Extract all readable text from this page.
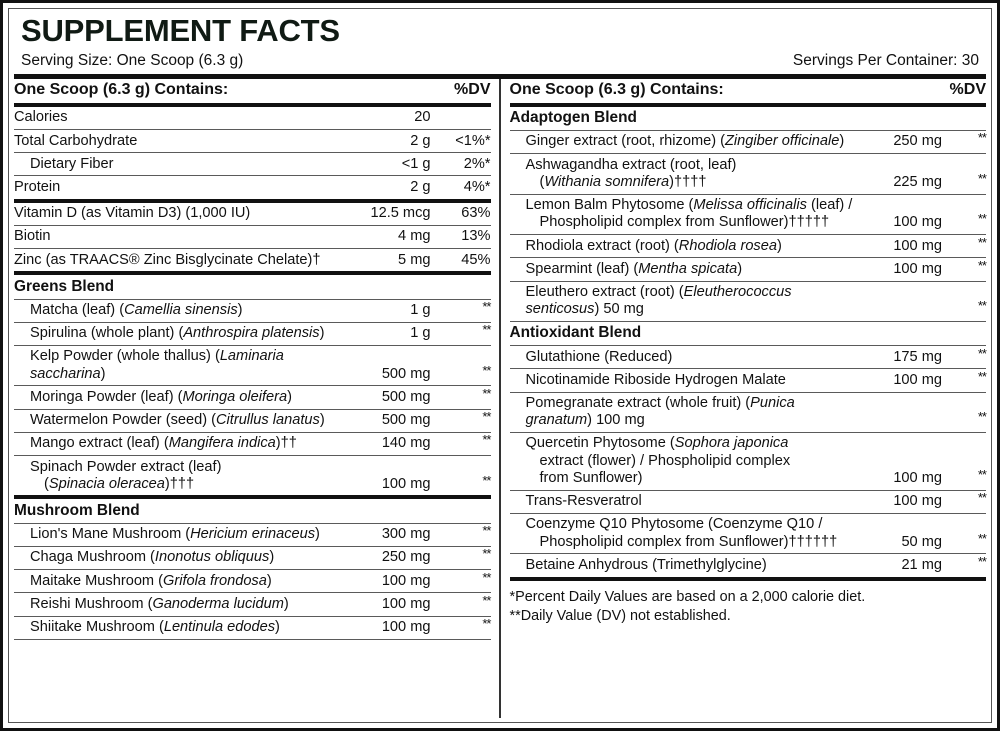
SUPPLEMENT FACTS
Serving Size: One Scoop (6.3 g)	Servings Per Container: 30
One Scoop (6.3 g) Contains:		%DV
Calories	20	
Total Carbohydrate	2 g	<1%*
Dietary Fiber	<1 g	2%*
Protein	2 g	4%*
Vitamin D (as Vitamin D3) (1,000 IU)	12.5 mcg	63%
Biotin	4 mg	13%
Zinc (as TRAACS® Zinc Bisglycinate Chelate)†	5 mg	45%
Greens Blend		
Matcha (leaf) (Camellia sinensis)	1 g	**
Spirulina (whole plant) (Anthrospira platensis)	1 g	**
Kelp Powder (whole thallus) (Laminaria saccharina)	500 mg	**
Moringa Powder (leaf) (Moringa oleifera)	500 mg	**
Watermelon Powder (seed) (Citrullus lanatus)	500 mg	**
Mango extract (leaf) (Mangifera indica)††	140 mg	**
Spinach Powder extract (leaf)
(Spinacia oleracea)†††	100 mg	**
Mushroom Blend		
Lion's Mane Mushroom (Hericium erinaceus)	300 mg	**
Chaga Mushroom (Inonotus obliquus)	250 mg	**
Maitake Mushroom (Grifola frondosa)	100 mg	**
Reishi Mushroom (Ganoderma lucidum)	100 mg	**
Shiitake Mushroom (Lentinula edodes)	100 mg	**
One Scoop (6.3 g) Contains:		%DV
Adaptogen Blend		
Ginger extract (root, rhizome) (Zingiber officinale)	250 mg	**
Ashwagandha extract (root, leaf)
(Withania somnifera)††††	225 mg	**
Lemon Balm Phytosome (Melissa officinalis (leaf) /
Phospholipid complex from Sunflower)†††††	100 mg	**
Rhodiola extract (root) (Rhodiola rosea)	100 mg	**
Spearmint (leaf) (Mentha spicata)	100 mg	**
Eleuthero extract (root) (Eleutherococcus senticosus) 50 mg		**
Antioxidant Blend		
Glutathione (Reduced)	175 mg	**
Nicotinamide Riboside Hydrogen Malate	100 mg	**
Pomegranate extract (whole fruit) (Punica granatum) 100 mg		**
Quercetin Phytosome (Sophora japonica
extract (flower) / Phospholipid complex
from Sunflower)	100 mg	**
Trans-Resveratrol	100 mg	**
Coenzyme Q10 Phytosome (Coenzyme Q10 /
Phospholipid complex from Sunflower)††††††	50 mg	**
Betaine Anhydrous (Trimethylglycine)	21 mg	**
*Percent Daily Values are based on a 2,000 calorie diet.
**Daily Value (DV) not established.
